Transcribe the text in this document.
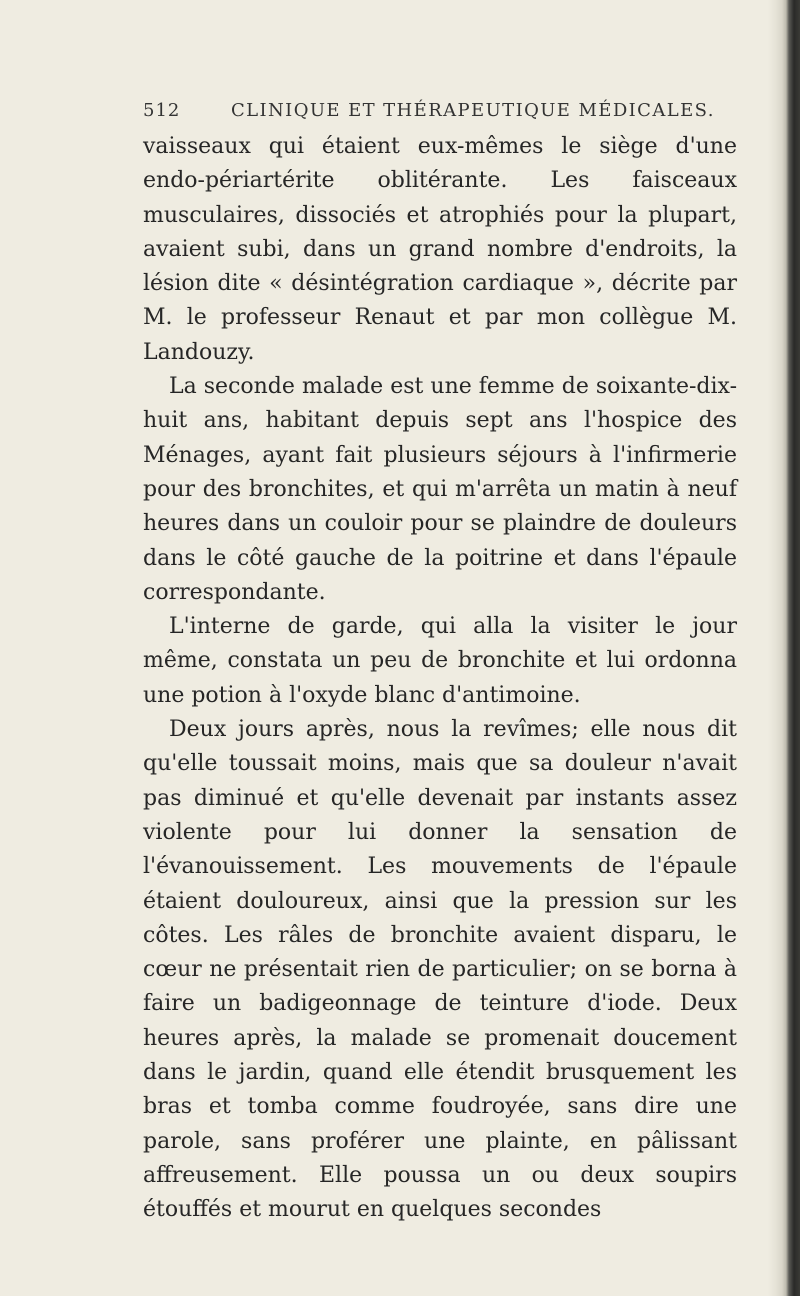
512	CLINIQUE ET THÉRAPEUTIQUE MÉDICALES.

vaisseaux qui étaient eux-mêmes le siège d'une endo-périartérite oblitérante. Les faisceaux musculaires, dissociés et atrophiés pour la plupart, avaient subi, dans un grand nombre d'endroits, la lésion dite « désintégration cardiaque », décrite par M. le professeur Renaut et par mon collègue M. Landouzy.

La seconde malade est une femme de soixante-dix-huit ans, habitant depuis sept ans l'hospice des Ménages, ayant fait plusieurs séjours à l'infirmerie pour des bronchites, et qui m'arrêta un matin à neuf heures dans un couloir pour se plaindre de douleurs dans le côté gauche de la poitrine et dans l'épaule correspondante.

L'interne de garde, qui alla la visiter le jour même, constata un peu de bronchite et lui ordonna une potion à l'oxyde blanc d'antimoine.

Deux jours après, nous la revîmes; elle nous dit qu'elle toussait moins, mais que sa douleur n'avait pas diminué et qu'elle devenait par instants assez violente pour lui donner la sensation de l'évanouissement. Les mouvements de l'épaule étaient douloureux, ainsi que la pression sur les côtes. Les râles de bronchite avaient disparu, le cœur ne présentait rien de particulier; on se borna à faire un badigeonnage de teinture d'iode. Deux heures après, la malade se promenait doucement dans le jardin, quand elle étendit brusquement les bras et tomba comme foudroyée, sans dire une parole, sans proférer une plainte, en pâlissant affreusement. Elle poussa un ou deux soupirs étouffés et mourut en quelques secondes
